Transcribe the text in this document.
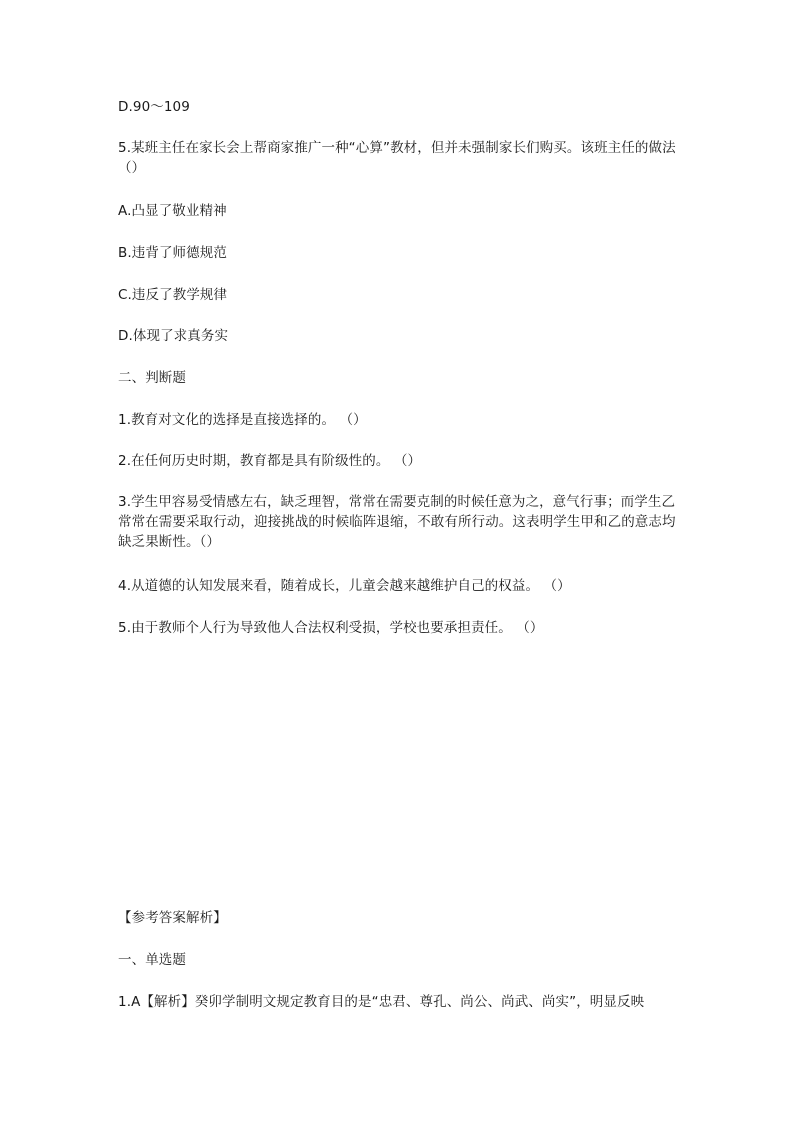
D.90～109
5.某班主任在家长会上帮商家推广一种“心算”教材，但并未强制家长们购买。该班主任的做法（）
A.凸显了敬业精神
B.违背了师德规范
C.违反了教学规律
D.体现了求真务实
二、判断题
1.教育对文化的选择是直接选择的。 （）
2.在任何历史时期，教育都是具有阶级性的。 （）
3.学生甲容易受情感左右，缺乏理智，常常在需要克制的时候任意为之，意气行事；而学生乙常常在需要采取行动，迎接挑战的时候临阵退缩，不敢有所行动。这表明学生甲和乙的意志均缺乏果断性。（）
4.从道德的认知发展来看，随着成长，儿童会越来越维护自己的权益。 （）
5.由于教师个人行为导致他人合法权利受损，学校也要承担责任。 （）
【参考答案解析】
一、单选题
1.A【解析】癸卯学制明文规定教育目的是“忠君、尊孔、尚公、尚武、尚实”，明显反映
